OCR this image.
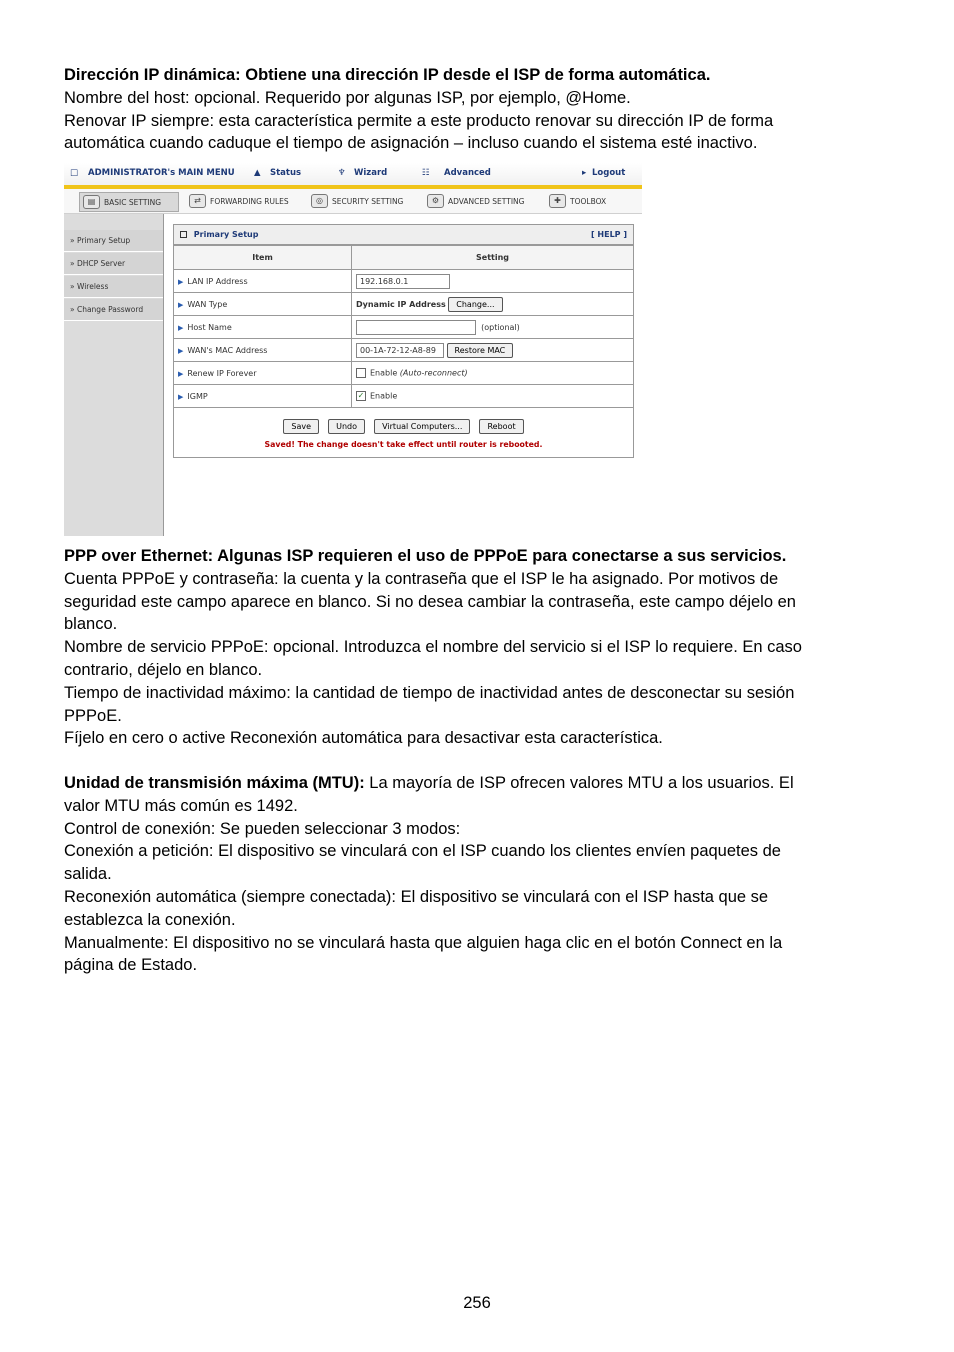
Dirección IP dinámica: Obtiene una dirección IP desde el ISP de forma automática.
Nombre del host: opcional. Requerido por algunas ISP, por ejemplo, @Home.
Renovar IP siempre: esta característica permite a este producto renovar su dirección IP de forma
automática cuando caduque el tiempo de asignación – incluso cuando el sistema esté inactivo.
□ ADMINISTRATOR's MAIN MENU ▲ Status	♆ Wizard	☷ Advanced	▸ Logout
▤	BASIC SETTING	⇄	FORWARDING RULES	◎	SECURITY SETTING	⚙	ADVANCED SETTING	✚	TOOLBOX
» Primary Setup
» DHCP Server
» Wireless
» Change Password
Primary Setup	[ HELP ]
Item	Setting
▶ LAN IP Address	192.168.0.1
▶ WAN Type	Dynamic IP Address Change...
▶ Host Name	(optional)
▶ WAN's MAC Address	00-1A-72-12-A8-89 Restore MAC
▶ Renew IP Forever	Enable (Auto-reconnect)
▶ IGMP	✓ Enable
Save	Undo	Virtual Computers...	Reboot
Saved! The change doesn't take effect until router is rebooted.
PPP over Ethernet: Algunas ISP requieren el uso de PPPoE para conectarse a sus servicios.
Cuenta PPPoE y contraseña: la cuenta y la contraseña que el ISP le ha asignado. Por motivos de
seguridad este campo aparece en blanco. Si no desea cambiar la contraseña, este campo déjelo en
blanco.
Nombre de servicio PPPoE: opcional. Introduzca el nombre del servicio si el ISP lo requiere. En caso
contrario, déjelo en blanco.
Tiempo de inactividad máximo: la cantidad de tiempo de inactividad antes de desconectar su sesión
PPPoE.
Fíjelo en cero o active Reconexión automática para desactivar esta característica.
Unidad de transmisión máxima (MTU): La mayoría de ISP ofrecen valores MTU a los usuarios. El
valor MTU más común es 1492.
Control de conexión: Se pueden seleccionar 3 modos:
Conexión a petición: El dispositivo se vinculará con el ISP cuando los clientes envíen paquetes de
salida.
Reconexión automática (siempre conectada): El dispositivo se vinculará con el ISP hasta que se
establezca la conexión.
Manualmente: El dispositivo no se vinculará hasta que alguien haga clic en el botón Connect en la
página de Estado.
256
